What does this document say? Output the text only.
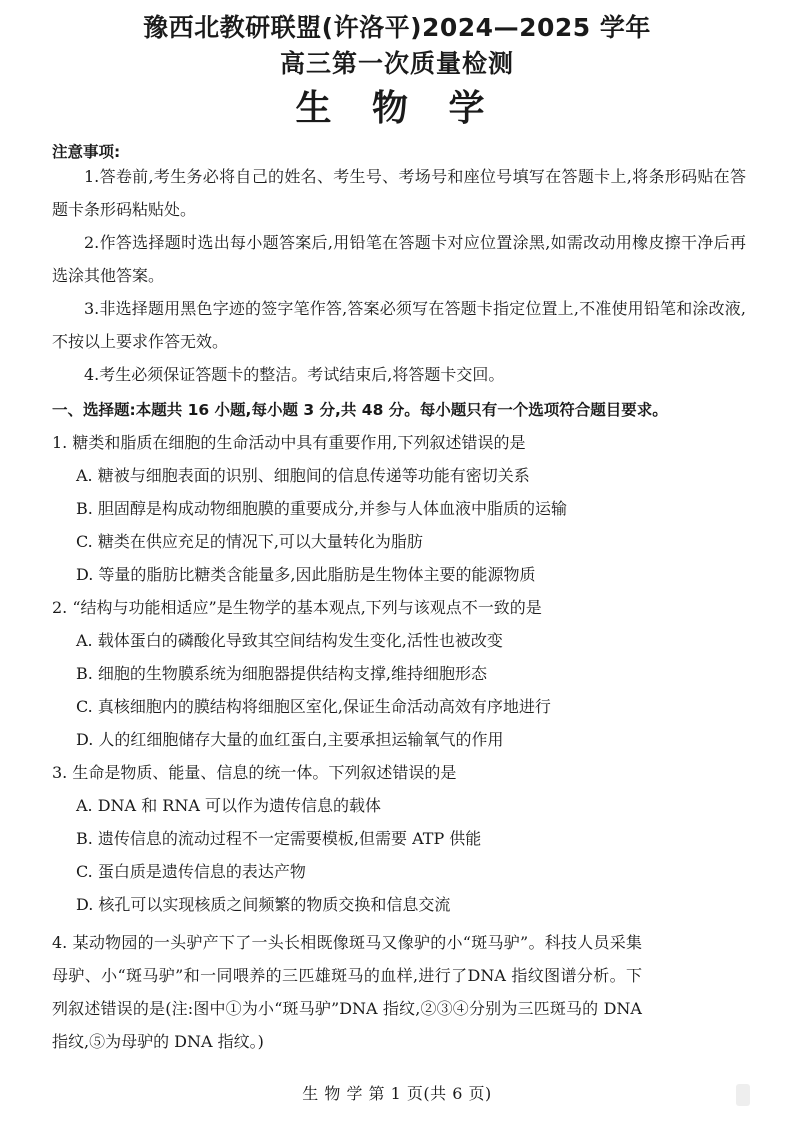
豫西北教研联盟(许洛平)2024—2025 学年
高三第一次质量检测
生 物 学
注意事项:
1.答卷前,考生务必将自己的姓名、考生号、考场号和座位号填写在答题卡上,将条形码贴在答题卡条形码粘贴处。
2.作答选择题时选出每小题答案后,用铅笔在答题卡对应位置涂黑,如需改动用橡皮擦干净后再选涂其他答案。
3.非选择题用黑色字迹的签字笔作答,答案必须写在答题卡指定位置上,不准使用铅笔和涂改液,不按以上要求作答无效。
4.考生必须保证答题卡的整洁。考试结束后,将答题卡交回。
一、选择题:本题共 16 小题,每小题 3 分,共 48 分。每小题只有一个选项符合题目要求。
1. 糖类和脂质在细胞的生命活动中具有重要作用,下列叙述错误的是
A. 糖被与细胞表面的识别、细胞间的信息传递等功能有密切关系
B. 胆固醇是构成动物细胞膜的重要成分,并参与人体血液中脂质的运输
C. 糖类在供应充足的情况下,可以大量转化为脂肪
D. 等量的脂肪比糖类含能量多,因此脂肪是生物体主要的能源物质
2. “结构与功能相适应”是生物学的基本观点,下列与该观点不一致的是
A. 载体蛋白的磷酸化导致其空间结构发生变化,活性也被改变
B. 细胞的生物膜系统为细胞器提供结构支撑,维持细胞形态
C. 真核细胞内的膜结构将细胞区室化,保证生命活动高效有序地进行
D. 人的红细胞储存大量的血红蛋白,主要承担运输氧气的作用
3. 生命是物质、能量、信息的统一体。下列叙述错误的是
A. DNA 和 RNA 可以作为遗传信息的载体
B. 遗传信息的流动过程不一定需要模板,但需要 ATP 供能
C. 蛋白质是遗传信息的表达产物
D. 核孔可以实现核质之间频繁的物质交换和信息交流
4. 某动物园的一头驴产下了一头长相既像斑马又像驴的小“斑马驴”。科技人员采集母驴、小“斑马驴”和一同喂养的三匹雄斑马的血样,进行了DNA 指纹图谱分析。下列叙述错误的是(注:图中①为小“斑马驴”DNA 指纹,②③④分别为三匹斑马的 DNA 指纹,⑤为母驴的 DNA 指纹。)
生 物 学 第 1 页(共 6 页)
